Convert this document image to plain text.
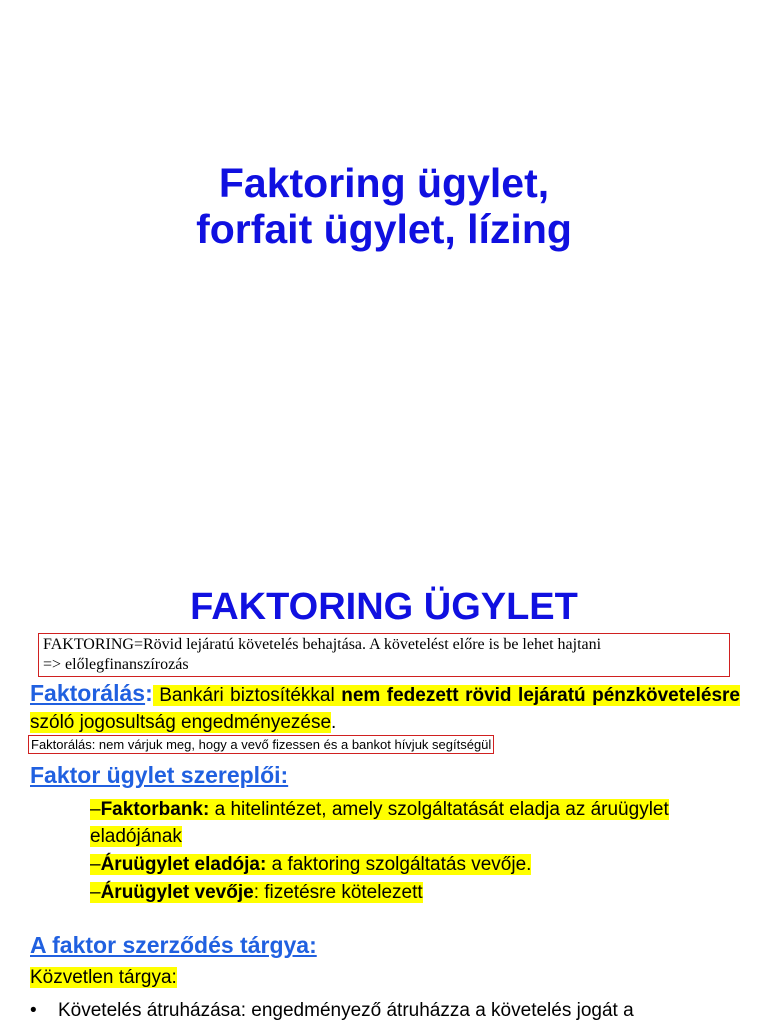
Faktoring ügylet,
forfait ügylet, lízing
FAKTORING ÜGYLET
FAKTORING=Rövid lejáratú követelés behajtása. A követelést előre is be lehet hajtani
=> előlegfinanszírozás
Faktorálás: Bankári biztosítékkal nem fedezett rövid lejáratú pénzkövetelésre szóló jogosultság engedményezése.
Faktorálás: nem várjuk meg, hogy a vevő fizessen és a bankot hívjuk segítségül
Faktor ügylet szereplői:
–Faktorbank: a hitelintézet, amely szolgáltatását eladja az áruügylet eladójának
–Áruügylet eladója: a faktoring szolgáltatás vevője.
–Áruügylet vevője: fizetésre kötelezett
A faktor szerződés tárgya:
Közvetlen tárgya:
• Követelés átruházása: engedményező átruházza a követelés jogát a
